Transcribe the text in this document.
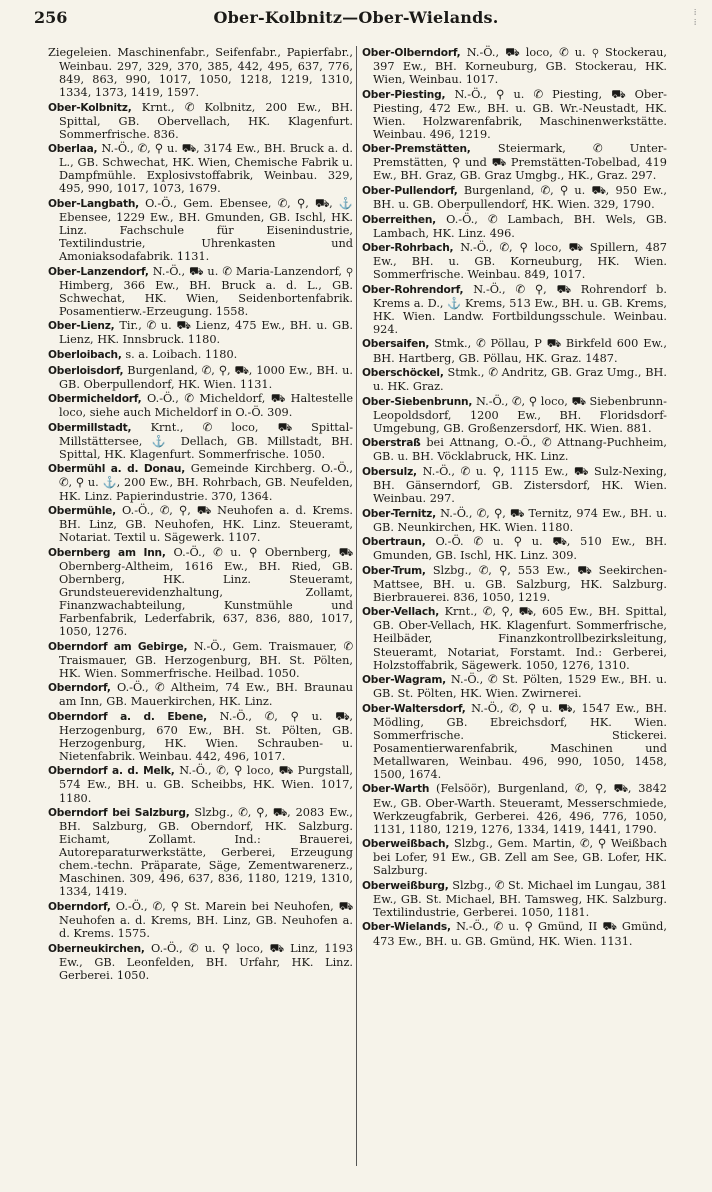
256	Ober-Kolbnitz—Ober-Wielands.	⁞
⁞

Ziegeleien. Maschinenfabr., Seifenfabr., Papierfabr., Weinbau. 297, 329, 370, 385, 442, 495, 637, 776, 849, 863, 990, 1017, 1050, 1218, 1219, 1310, 1334, 1373, 1419, 1597.

Ober-Kolbnitz, Krnt., ✆ Kolbnitz, 200 Ew., BH. Spittal, GB. Obervellach, HK. Klagenfurt. Sommerfrische. 836.

Oberlaa, N.-Ö., ✆, ⚲ u. ⛟, 3174 Ew., BH. Bruck a. d. L., GB. Schwechat, HK. Wien, Chemische Fabrik u. Dampfmühle. Explosivstoffabrik, Weinbau. 329, 495, 990, 1017, 1073, 1679.

Ober-Langbath, O.-Ö., Gem. Ebensee, ✆, ⚲, ⛟, ⚓ Ebensee, 1229 Ew., BH. Gmunden, GB. Ischl, HK. Linz. Fachschule für Eisenindustrie, Textilindustrie, Uhrenkasten und Amoniaksodafabrik. 1131.

Ober-Lanzendorf, N.-Ö., ⛟ u. ✆ Maria-Lanzendorf, ⚲ Himberg, 366 Ew., BH. Bruck a. d. L., GB. Schwechat, HK. Wien, Seidenbortenfabrik. Posamentierw.-Erzeugung. 1558.

Ober-Lienz, Tir., ✆ u. ⛟ Lienz, 475 Ew., BH. u. GB. Lienz, HK. Innsbruck. 1180.

Oberloibach, s. a. Loibach. 1180.

Oberloisdorf, Burgenland, ✆, ⚲, ⛟, 1000 Ew., BH. u. GB. Oberpullendorf, HK. Wien. 1131.

Obermicheldorf, O.-Ö., ✆ Micheldorf, ⛟ Haltestelle loco, siehe auch Micheldorf in O.-Ö. 309.

Obermillstadt, Krnt., ✆ loco, ⛟ Spittal-Millstättersee, ⚓ Dellach, GB. Millstadt, BH. Spittal, HK. Klagenfurt. Sommerfrische. 1050.

Obermühl a. d. Donau, Gemeinde Kirchberg. O.-Ö., ✆, ⚲ u. ⚓, 200 Ew., BH. Rohrbach, GB. Neufelden, HK. Linz. Papierindustrie. 370, 1364.

Obermühle, O.-Ö., ✆, ⚲, ⛟ Neuhofen a. d. Krems. BH. Linz, GB. Neuhofen, HK. Linz. Steueramt, Notariat. Textil u. Sägewerk. 1107.

Obernberg am Inn, O.-Ö., ✆ u. ⚲ Obernberg, ⛟ Obernberg-Altheim, 1616 Ew., BH. Ried, GB. Obernberg, HK. Linz. Steueramt, Grundsteuerevidenzhaltung, Zollamt, Finanzwachabteilung, Kunstmühle und Farbenfabrik, Lederfabrik, 637, 836, 880, 1017, 1050, 1276.

Oberndorf am Gebirge, N.-Ö., Gem. Traismauer, ✆ Traismauer, GB. Herzogenburg, BH. St. Pölten, HK. Wien. Sommerfrische. Heilbad. 1050.

Oberndorf, O.-Ö., ✆ Altheim, 74 Ew., BH. Braunau am Inn, GB. Mauerkirchen, HK. Linz.

Oberndorf a. d. Ebene, N.-Ö., ✆, ⚲ u. ⛟, Herzogenburg, 670 Ew., BH. St. Pölten, GB. Herzogenburg, HK. Wien. Schrauben- u. Nietenfabrik. Weinbau. 442, 496, 1017.

Oberndorf a. d. Melk, N.-Ö., ✆, ⚲ loco, ⛟ Purgstall, 574 Ew., BH. u. GB. Scheibbs, HK. Wien. 1017, 1180.

Oberndorf bei Salzburg, Slzbg., ✆, ⚲, ⛟, 2083 Ew., BH. Salzburg, GB. Oberndorf, HK. Salzburg. Eichamt, Zollamt. Ind.: Brauerei, Autoreparaturwerkstätte, Gerberei, Erzeugung chem.-techn. Präparate, Säge, Zementwarenerz., Maschinen. 309, 496, 637, 836, 1180, 1219, 1310, 1334, 1419.

Oberndorf, O.-Ö., ✆, ⚲ St. Marein bei Neuhofen, ⛟ Neuhofen a. d. Krems, BH. Linz, GB. Neuhofen a. d. Krems. 1575.

Oberneukirchen, O.-Ö., ✆ u. ⚲ loco, ⛟ Linz, 1193 Ew., GB. Leonfelden, BH. Urfahr, HK. Linz. Gerberei. 1050.

Ober-Olberndorf, N.-Ö., ⛟ loco, ✆ u. ⚲ Stockerau, 397 Ew., BH. Korneuburg, GB. Stockerau, HK. Wien, Weinbau. 1017.

Ober-Piesting, N.-Ö., ⚲ u. ✆ Piesting, ⛟ Ober-Piesting, 472 Ew., BH. u. GB. Wr.-Neustadt, HK. Wien. Holzwarenfabrik, Maschinenwerkstätte. Weinbau. 496, 1219.

Ober-Premstätten, Steiermark, ✆ Unter-Premstätten, ⚲ und ⛟ Premstätten-Tobelbad, 419 Ew., BH. Graz, GB. Graz Umgbg., HK., Graz. 297.

Ober-Pullendorf, Burgenland, ✆, ⚲ u. ⛟, 950 Ew., BH. u. GB. Oberpullendorf, HK. Wien. 329, 1790.

Oberreithen, O.-Ö., ✆ Lambach, BH. Wels, GB. Lambach, HK. Linz. 496.

Ober-Rohrbach, N.-Ö., ✆, ⚲ loco, ⛟ Spillern, 487 Ew., BH. u. GB. Korneuburg, HK. Wien. Sommerfrische. Weinbau. 849, 1017.

Ober-Rohrendorf, N.-Ö., ✆ ⚲, ⛟ Rohrendorf b. Krems a. D., ⚓ Krems, 513 Ew., BH. u. GB. Krems, HK. Wien. Landw. Fortbildungsschule. Weinbau. 924.

Obersaifen, Stmk., ✆ Pöllau, P ⛟ Birkfeld 600 Ew., BH. Hartberg, GB. Pöllau, HK. Graz. 1487.

Oberschöckel, Stmk., ✆ Andritz, GB. Graz Umg., BH. u. HK. Graz.

Ober-Siebenbrunn, N.-Ö., ✆, ⚲ loco, ⛟ Siebenbrunn-Leopoldsdorf, 1200 Ew., BH. Floridsdorf-Umgebung, GB. Großenzersdorf, HK. Wien. 881.

Oberstraß bei Attnang, O.-Ö., ✆ Attnang-Puchheim, GB. u. BH. Vöcklabruck, HK. Linz.

Obersulz, N.-Ö., ✆ u. ⚲, 1115 Ew., ⛟ Sulz-Nexing, BH. Gänserndorf, GB. Zistersdorf, HK. Wien. Weinbau. 297.

Ober-Ternitz, N.-Ö., ✆, ⚲, ⛟ Ternitz, 974 Ew., BH. u. GB. Neunkirchen, HK. Wien. 1180.

Obertraun, O.-Ö. ✆ u. ⚲ u. ⛟, 510 Ew., BH. Gmunden, GB. Ischl, HK. Linz. 309.

Ober-Trum, Slzbg., ✆, ⚲, 553 Ew., ⛟ Seekirchen-Mattsee, BH. u. GB. Salzburg, HK. Salzburg. Bierbrauerei. 836, 1050, 1219.

Ober-Vellach, Krnt., ✆, ⚲, ⛟, 605 Ew., BH. Spittal, GB. Ober-Vellach, HK. Klagenfurt. Sommerfrische, Heilbäder, Finanzkontrollbezirksleitung, Steueramt, Notariat, Forstamt. Ind.: Gerberei, Holzstoffabrik, Sägewerk. 1050, 1276, 1310.

Ober-Wagram, N.-Ö., ✆ St. Pölten, 1529 Ew., BH. u. GB. St. Pölten, HK. Wien. Zwirnerei.

Ober-Waltersdorf, N.-Ö., ✆, ⚲ u. ⛟, 1547 Ew., BH. Mödling, GB. Ebreichsdorf, HK. Wien. Sommerfrische. Stickerei. Posamentierwarenfabrik, Maschinen und Metallwaren, Weinbau. 496, 990, 1050, 1458, 1500, 1674.

Ober-Warth (Felsöör), Burgenland, ✆, ⚲, ⛟, 3842 Ew., GB. Ober-Warth. Steueramt, Messerschmiede, Werkzeugfabrik, Gerberei. 426, 496, 776, 1050, 1131, 1180, 1219, 1276, 1334, 1419, 1441, 1790.

Oberweißbach, Slzbg., Gem. Martin, ✆, ⚲ Weißbach bei Lofer, 91 Ew., GB. Zell am See, GB. Lofer, HK. Salzburg.

Oberweißburg, Slzbg., ✆ St. Michael im Lungau, 381 Ew., GB. St. Michael, BH. Tamsweg, HK. Salzburg. Textilindustrie, Gerberei. 1050, 1181.

Ober-Wielands, N.-Ö., ✆ u. ⚲ Gmünd, II ⛟ Gmünd, 473 Ew., BH. u. GB. Gmünd, HK. Wien. 1131.
